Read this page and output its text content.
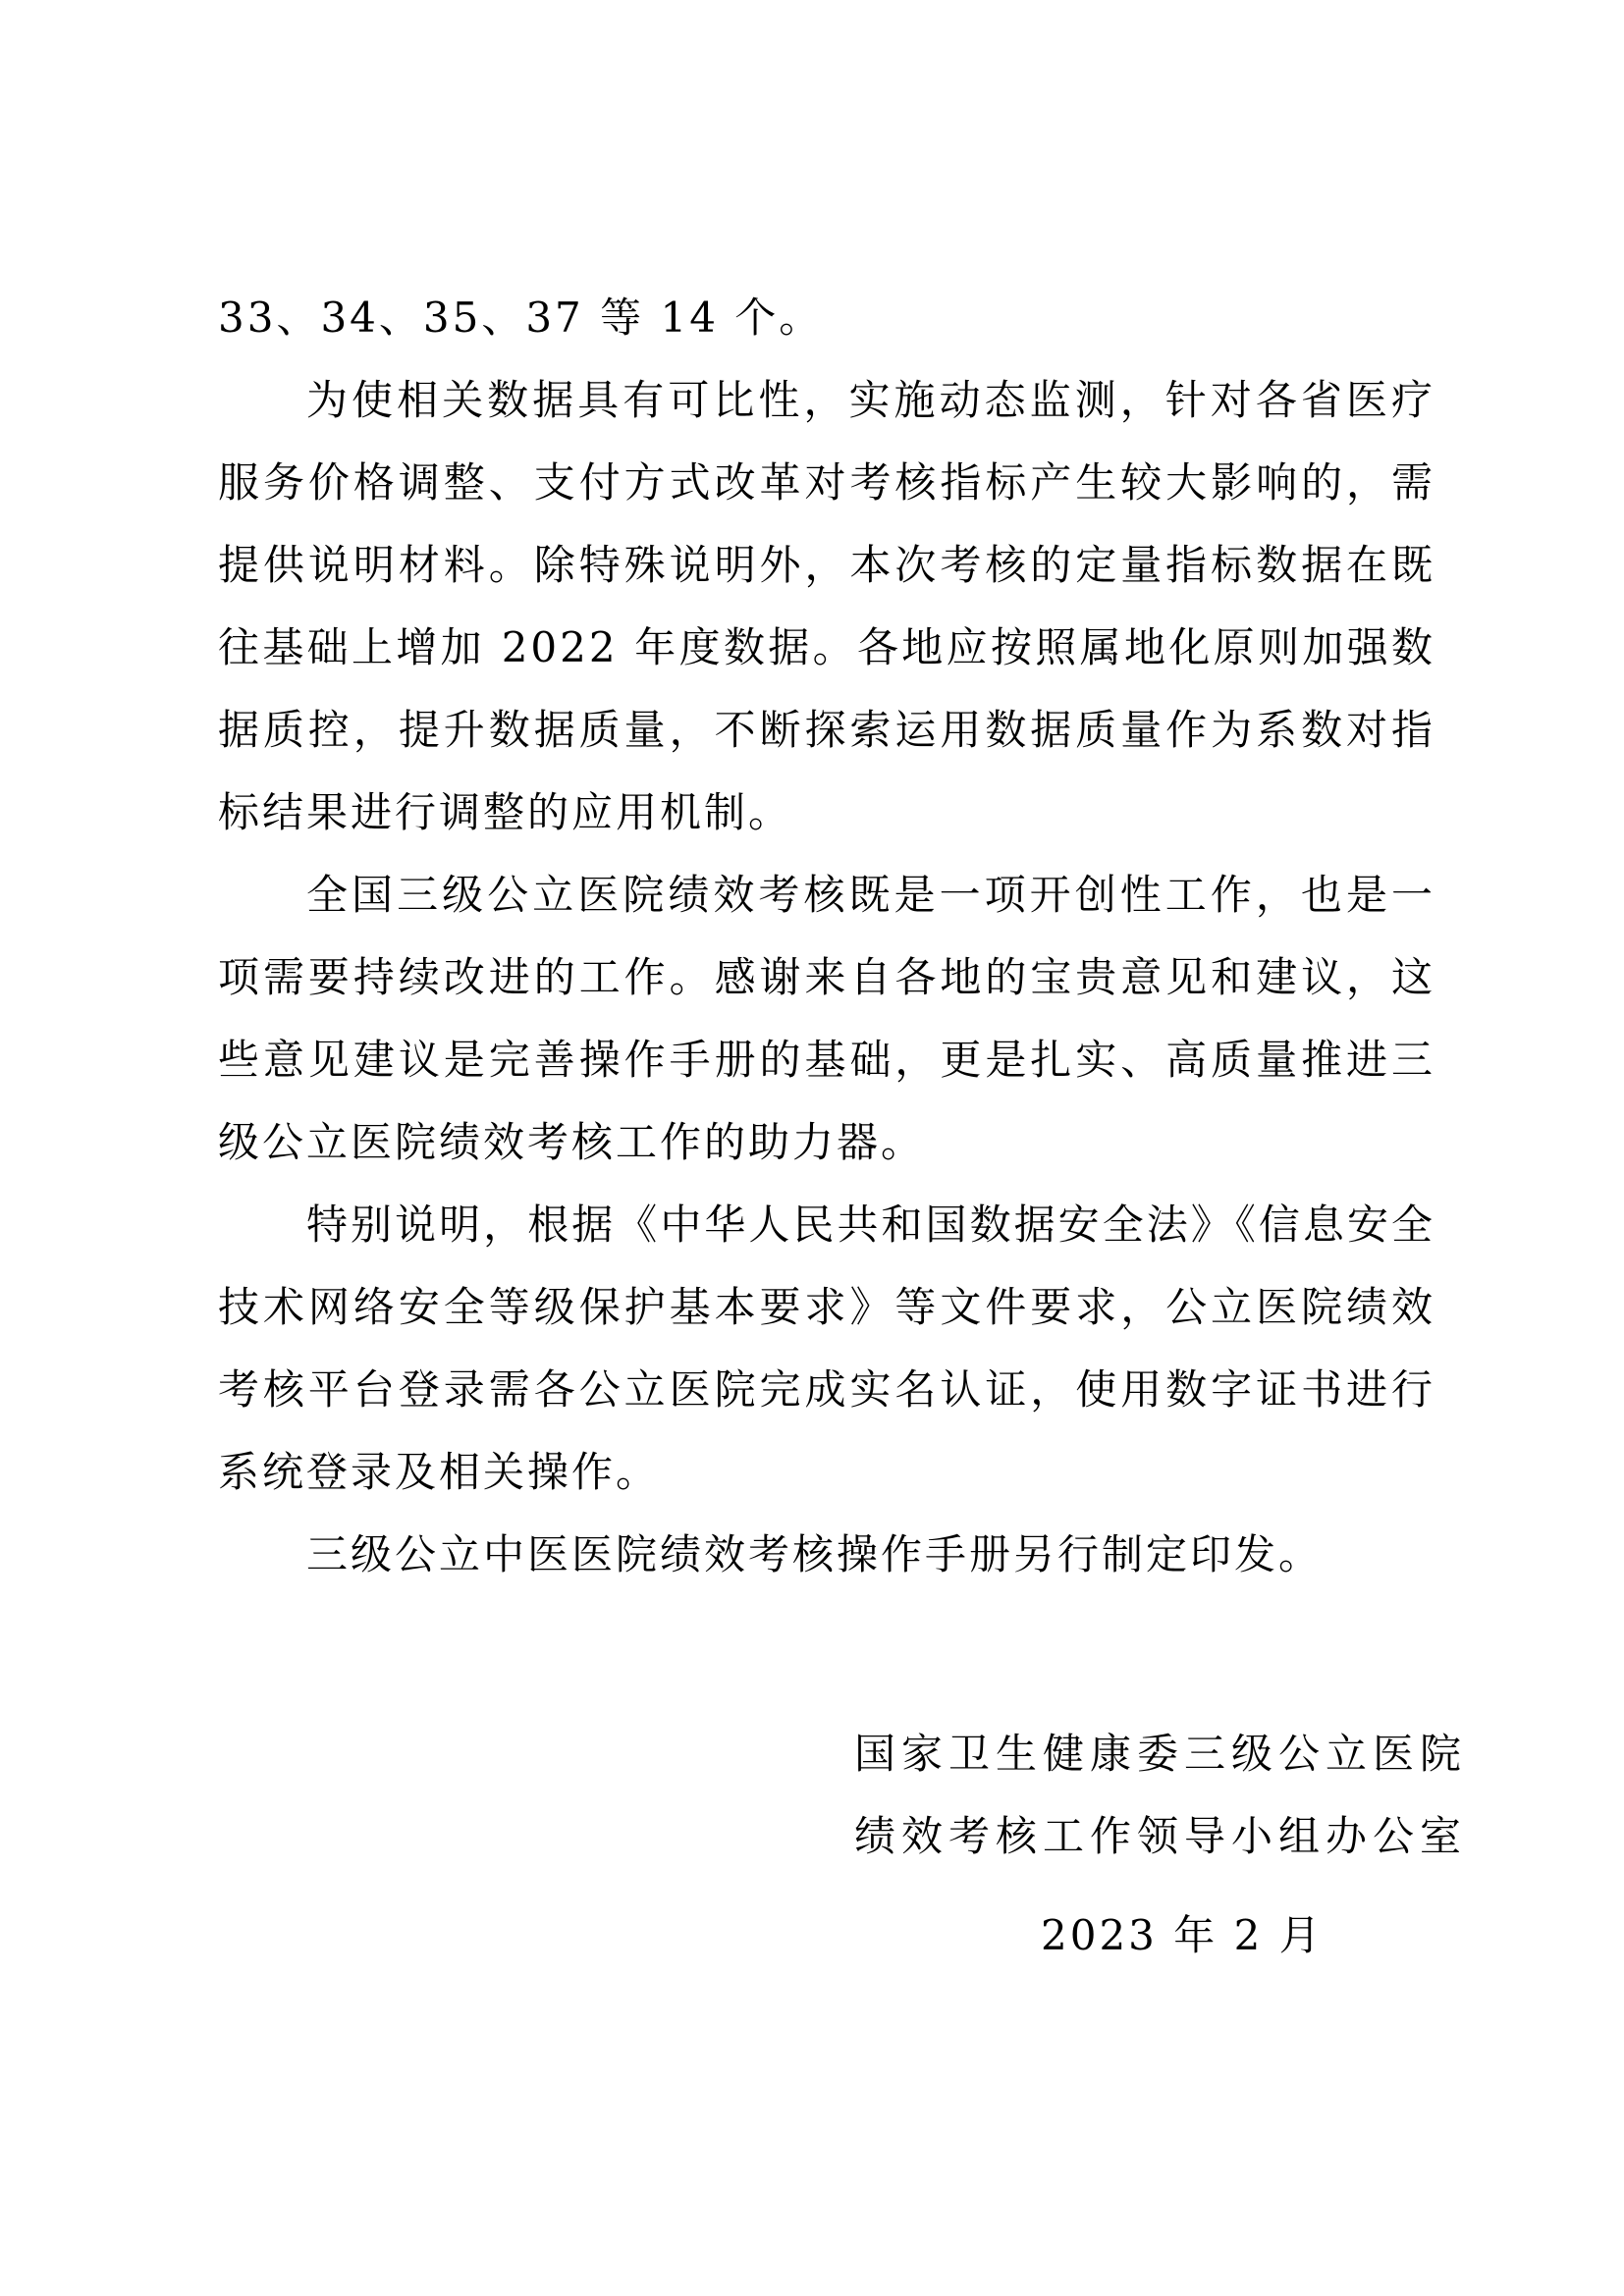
33、34、35、37 等 14 个。

为使相关数据具有可比性，实施动态监测，针对各省医疗服务价格调整、支付方式改革对考核指标产生较大影响的，需提供说明材料。除特殊说明外，本次考核的定量指标数据在既往基础上增加 2022 年度数据。各地应按照属地化原则加强数据质控，提升数据质量，不断探索运用数据质量作为系数对指标结果进行调整的应用机制。

全国三级公立医院绩效考核既是一项开创性工作，也是一项需要持续改进的工作。感谢来自各地的宝贵意见和建议，这些意见建议是完善操作手册的基础，更是扎实、高质量推进三级公立医院绩效考核工作的助力器。

特别说明，根据《中华人民共和国数据安全法》《信息安全技术网络安全等级保护基本要求》等文件要求，公立医院绩效考核平台登录需各公立医院完成实名认证，使用数字证书进行系统登录及相关操作。

三级公立中医医院绩效考核操作手册另行制定印发。

国家卫生健康委三级公立医院

绩效考核工作领导小组办公室

2023 年 2 月
